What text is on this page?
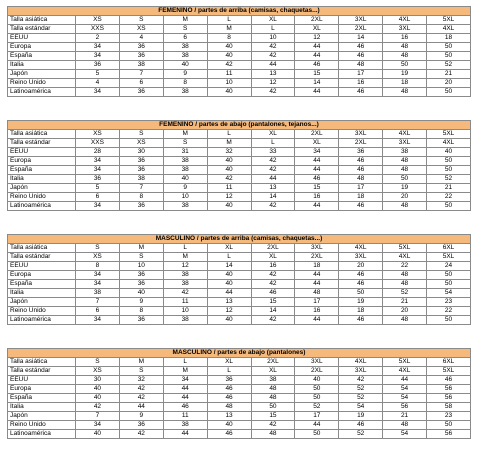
FEMENINO / partes de arriba (camisas, chaquetas...)									
Talla asiática	XS	S	M	L	XL	2XL	3XL	4XL	5XL
Talla estándar	XXS	XS	S	M	L	XL	2XL	3XL	4XL
EEUU	2	4	6	8	10	12	14	16	18
Europa	34	36	38	40	42	44	46	48	50
España	34	36	38	40	42	44	46	48	50
Italia	36	38	40	42	44	46	48	50	52
Japón	5	7	9	11	13	15	17	19	21
Reino Unido	4	6	8	10	12	14	16	18	20
Latinoamérica	34	36	38	40	42	44	46	48	50
FEMENINO / partes de abajo (pantalones, tejanos...)									
Talla asiática	XS	S	M	L	XL	2XL	3XL	4XL	5XL
Talla estándar	XXS	XS	S	M	L	XL	2XL	3XL	4XL
EEUU	28	30	31	32	33	34	36	38	40
Europa	34	36	38	40	42	44	46	48	50
España	34	36	38	40	42	44	46	48	50
Italia	36	38	40	42	44	46	48	50	52
Japón	5	7	9	11	13	15	17	19	21
Reino Unido	6	8	10	12	14	16	18	20	22
Latinoamérica	34	36	38	40	42	44	46	48	50
MASCULINO / partes de arriba (camisas, chaquetas...)									
Talla asiática	S	M	L	XL	2XL	3XL	4XL	5XL	6XL
Talla estándar	XS	S	M	L	XL	2XL	3XL	4XL	5XL
EEUU	8	10	12	14	16	18	20	22	24
Europa	34	36	38	40	42	44	46	48	50
España	34	36	38	40	42	44	46	48	50
Italia	38	40	42	44	46	48	50	52	54
Japón	7	9	11	13	15	17	19	21	23
Reino Unido	6	8	10	12	14	16	18	20	22
Latinoamérica	34	36	38	40	42	44	46	48	50
MASCULINO / partes de abajo (pantalones)									
Talla asiática	S	M	L	XL	2XL	3XL	4XL	5XL	6XL
Talla estándar	XS	S	M	L	XL	2XL	3XL	4XL	5XL
EEUU	30	32	34	36	38	40	42	44	46
Europa	40	42	44	46	48	50	52	54	56
España	40	42	44	46	48	50	52	54	56
Italia	42	44	46	48	50	52	54	56	58
Japón	7	9	11	13	15	17	19	21	23
Reino Unido	34	36	38	40	42	44	46	48	50
Latinoamérica	40	42	44	46	48	50	52	54	56
